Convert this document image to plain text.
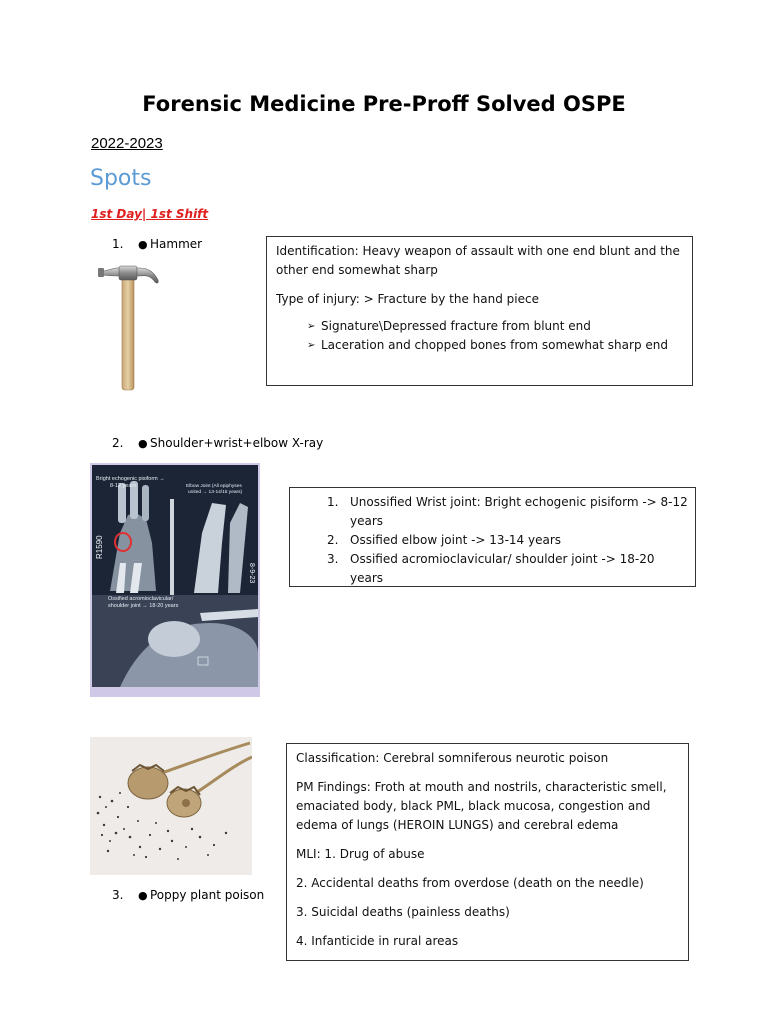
Forensic Medicine Pre-Proff Solved OSPE
2022-2023
Spots
1st Day| 1st Shift
1. ● Hammer	Identification: Heavy weapon of assault with one end blunt and the other end somewhat sharp

Type of injury: > Fracture by the hand piece

➢ Signature\Depressed fracture from blunt end
➢ Laceration and chopped bones from somewhat sharp end
2. ● Shoulder+wrist+elbow X-ray
Bright echogenic pisiform → 8-12 years	Elbow Joint (All epiphyses united → 13-14/15 years)
Ossified acromioclavicular/ shoulder joint → 18-20 years
R1590
8-9-23
1. Unossified Wrist joint: Bright echogenic pisiform -> 8-12 years
2. Ossified elbow joint -> 13-14 years
3. Ossified acromioclavicular/ shoulder joint -> 18-20 years
3. ● Poppy plant poison

Classification: Cerebral somniferous neurotic poison

PM Findings: Froth at mouth and nostrils, characteristic smell, emaciated body, black PML, black mucosa, congestion and edema of lungs (HEROIN LUNGS) and cerebral edema

MLI: 1. Drug of abuse

2. Accidental deaths from overdose (death on the needle)

3. Suicidal deaths (painless deaths)

4. Infanticide in rural areas
